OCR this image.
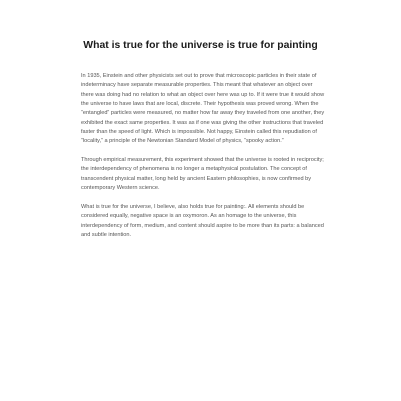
What is true for the universe is true for painting

In 1935, Einstein and other physicists set out to prove that microscopic particles in their state of indeterminacy have separate measurable properties. This meant that whatever an object over there was doing had no relation to what an object over here was up to. If it were true it would show the universe to have laws that are local, discrete. Their hypothesis was proved wrong. When the “entangled” particles were measured, no matter how far away they traveled from one another, they exhibited the exact same properties. It was as if one was giving the other instructions that traveled faster than the speed of light. Which is impossible. Not happy, Einstein called this repudiation of “locality,” a principle of the Newtonian Standard Model of physics, “spooky action.”

Through empirical measurement, this experiment showed that the universe is rooted in reciprocity; the interdependency of phenomena is no longer a metaphysical postulation. The concept of transcendent physical matter, long held by ancient Eastern philosophies, is now confirmed by contemporary Western science.

What is true for the universe, I believe, also holds true for painting:. All elements should be considered equally, negative space is an oxymoron. As an homage to the universe, this interdependency of form, medium, and content should aspire to be more than its parts: a balanced and subtle intention.
